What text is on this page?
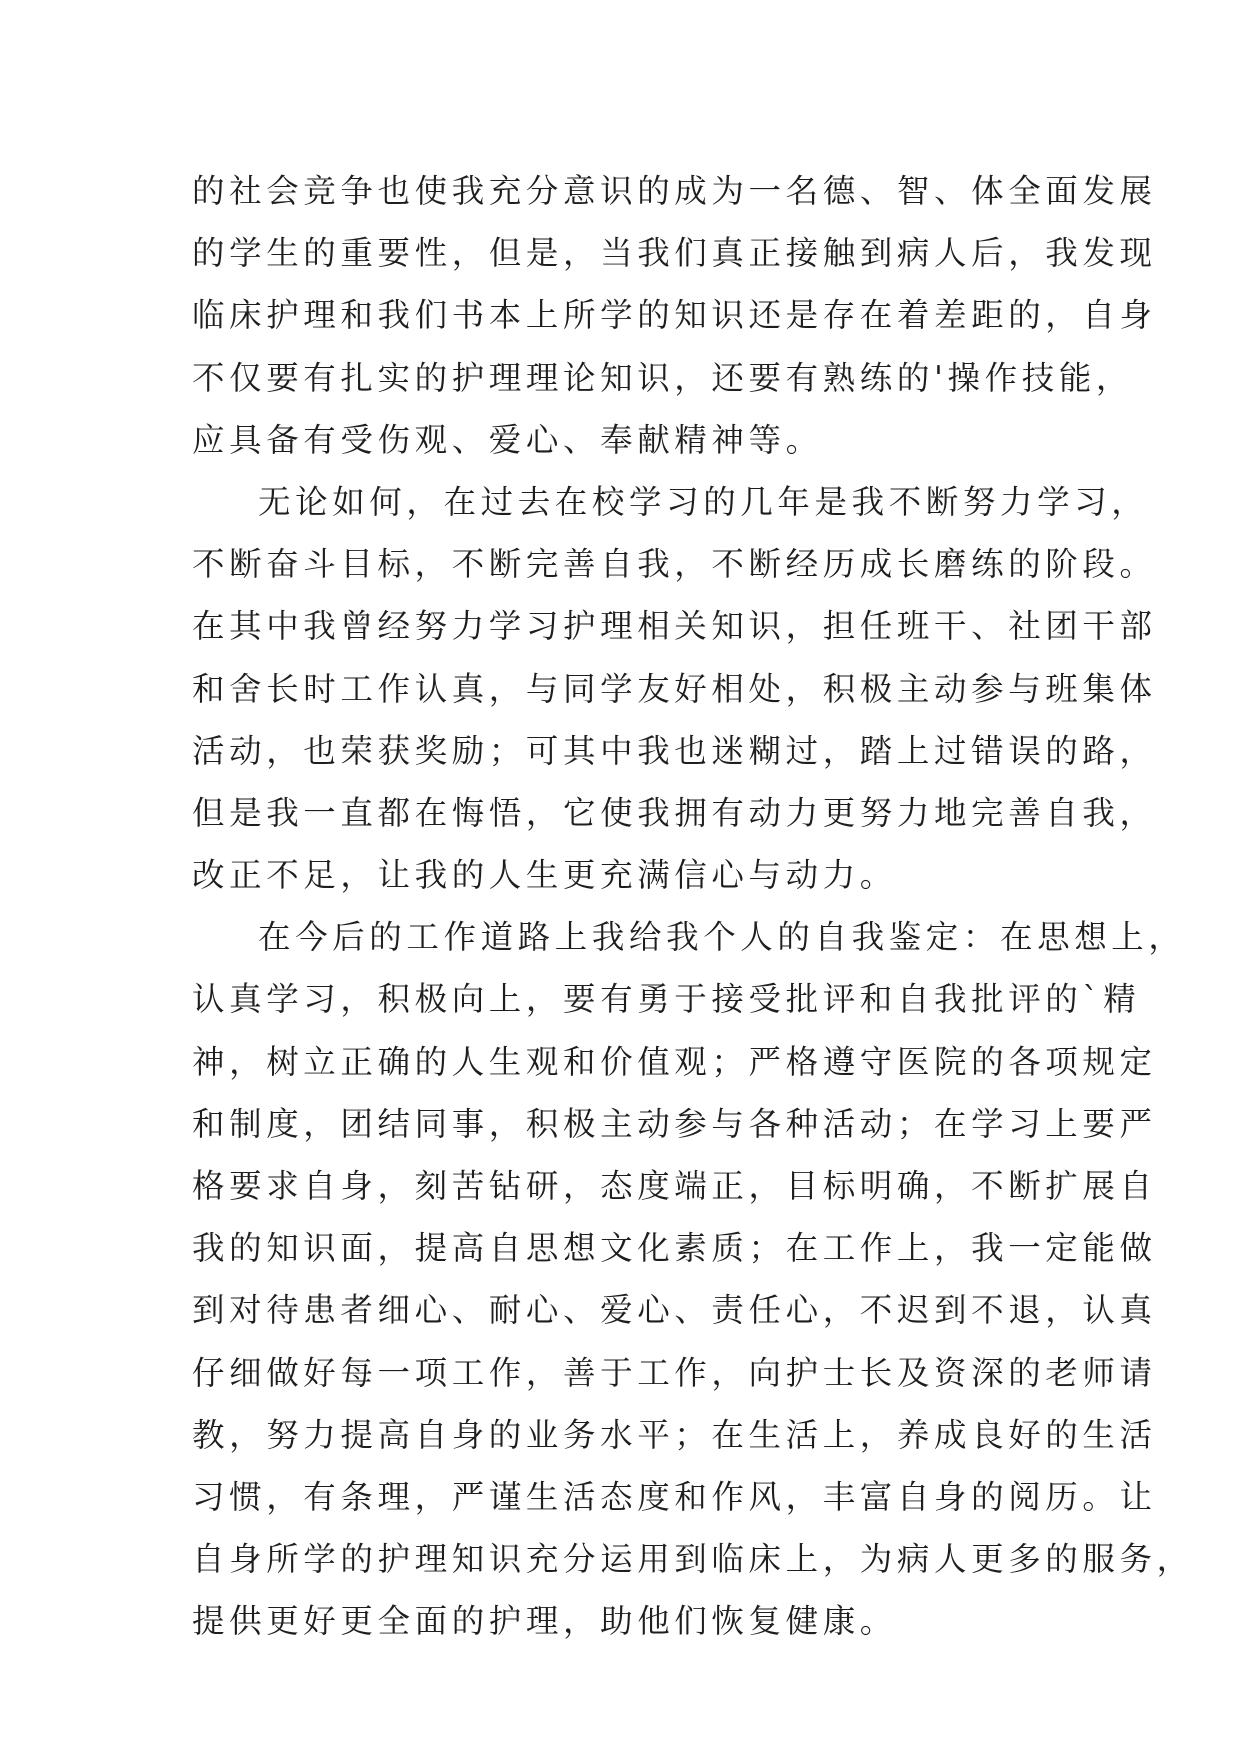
的社会竞争也使我充分意识的成为一名德、智、体全面发展
的学生的重要性，但是，当我们真正接触到病人后，我发现
临床护理和我们书本上所学的知识还是存在着差距的，自身
不仅要有扎实的护理理论知识，还要有熟练的'操作技能，
应具备有受伤观、爱心、奉献精神等。
无论如何，在过去在校学习的几年是我不断努力学习，
不断奋斗目标，不断完善自我，不断经历成长磨练的阶段。
在其中我曾经努力学习护理相关知识，担任班干、社团干部
和舍长时工作认真，与同学友好相处，积极主动参与班集体
活动，也荣获奖励；可其中我也迷糊过，踏上过错误的路，
但是我一直都在悔悟，它使我拥有动力更努力地完善自我，
改正不足，让我的人生更充满信心与动力。
在今后的工作道路上我给我个人的自我鉴定：在思想上，
认真学习，积极向上，要有勇于接受批评和自我批评的`精
神，树立正确的人生观和价值观；严格遵守医院的各项规定
和制度，团结同事，积极主动参与各种活动；在学习上要严
格要求自身，刻苦钻研，态度端正，目标明确，不断扩展自
我的知识面，提高自思想文化素质；在工作上，我一定能做
到对待患者细心、耐心、爱心、责任心，不迟到不退，认真
仔细做好每一项工作，善于工作，向护士长及资深的老师请
教，努力提高自身的业务水平；在生活上，养成良好的生活
习惯，有条理，严谨生活态度和作风，丰富自身的阅历。让
自身所学的护理知识充分运用到临床上，为病人更多的服务，
提供更好更全面的护理，助他们恢复健康。
